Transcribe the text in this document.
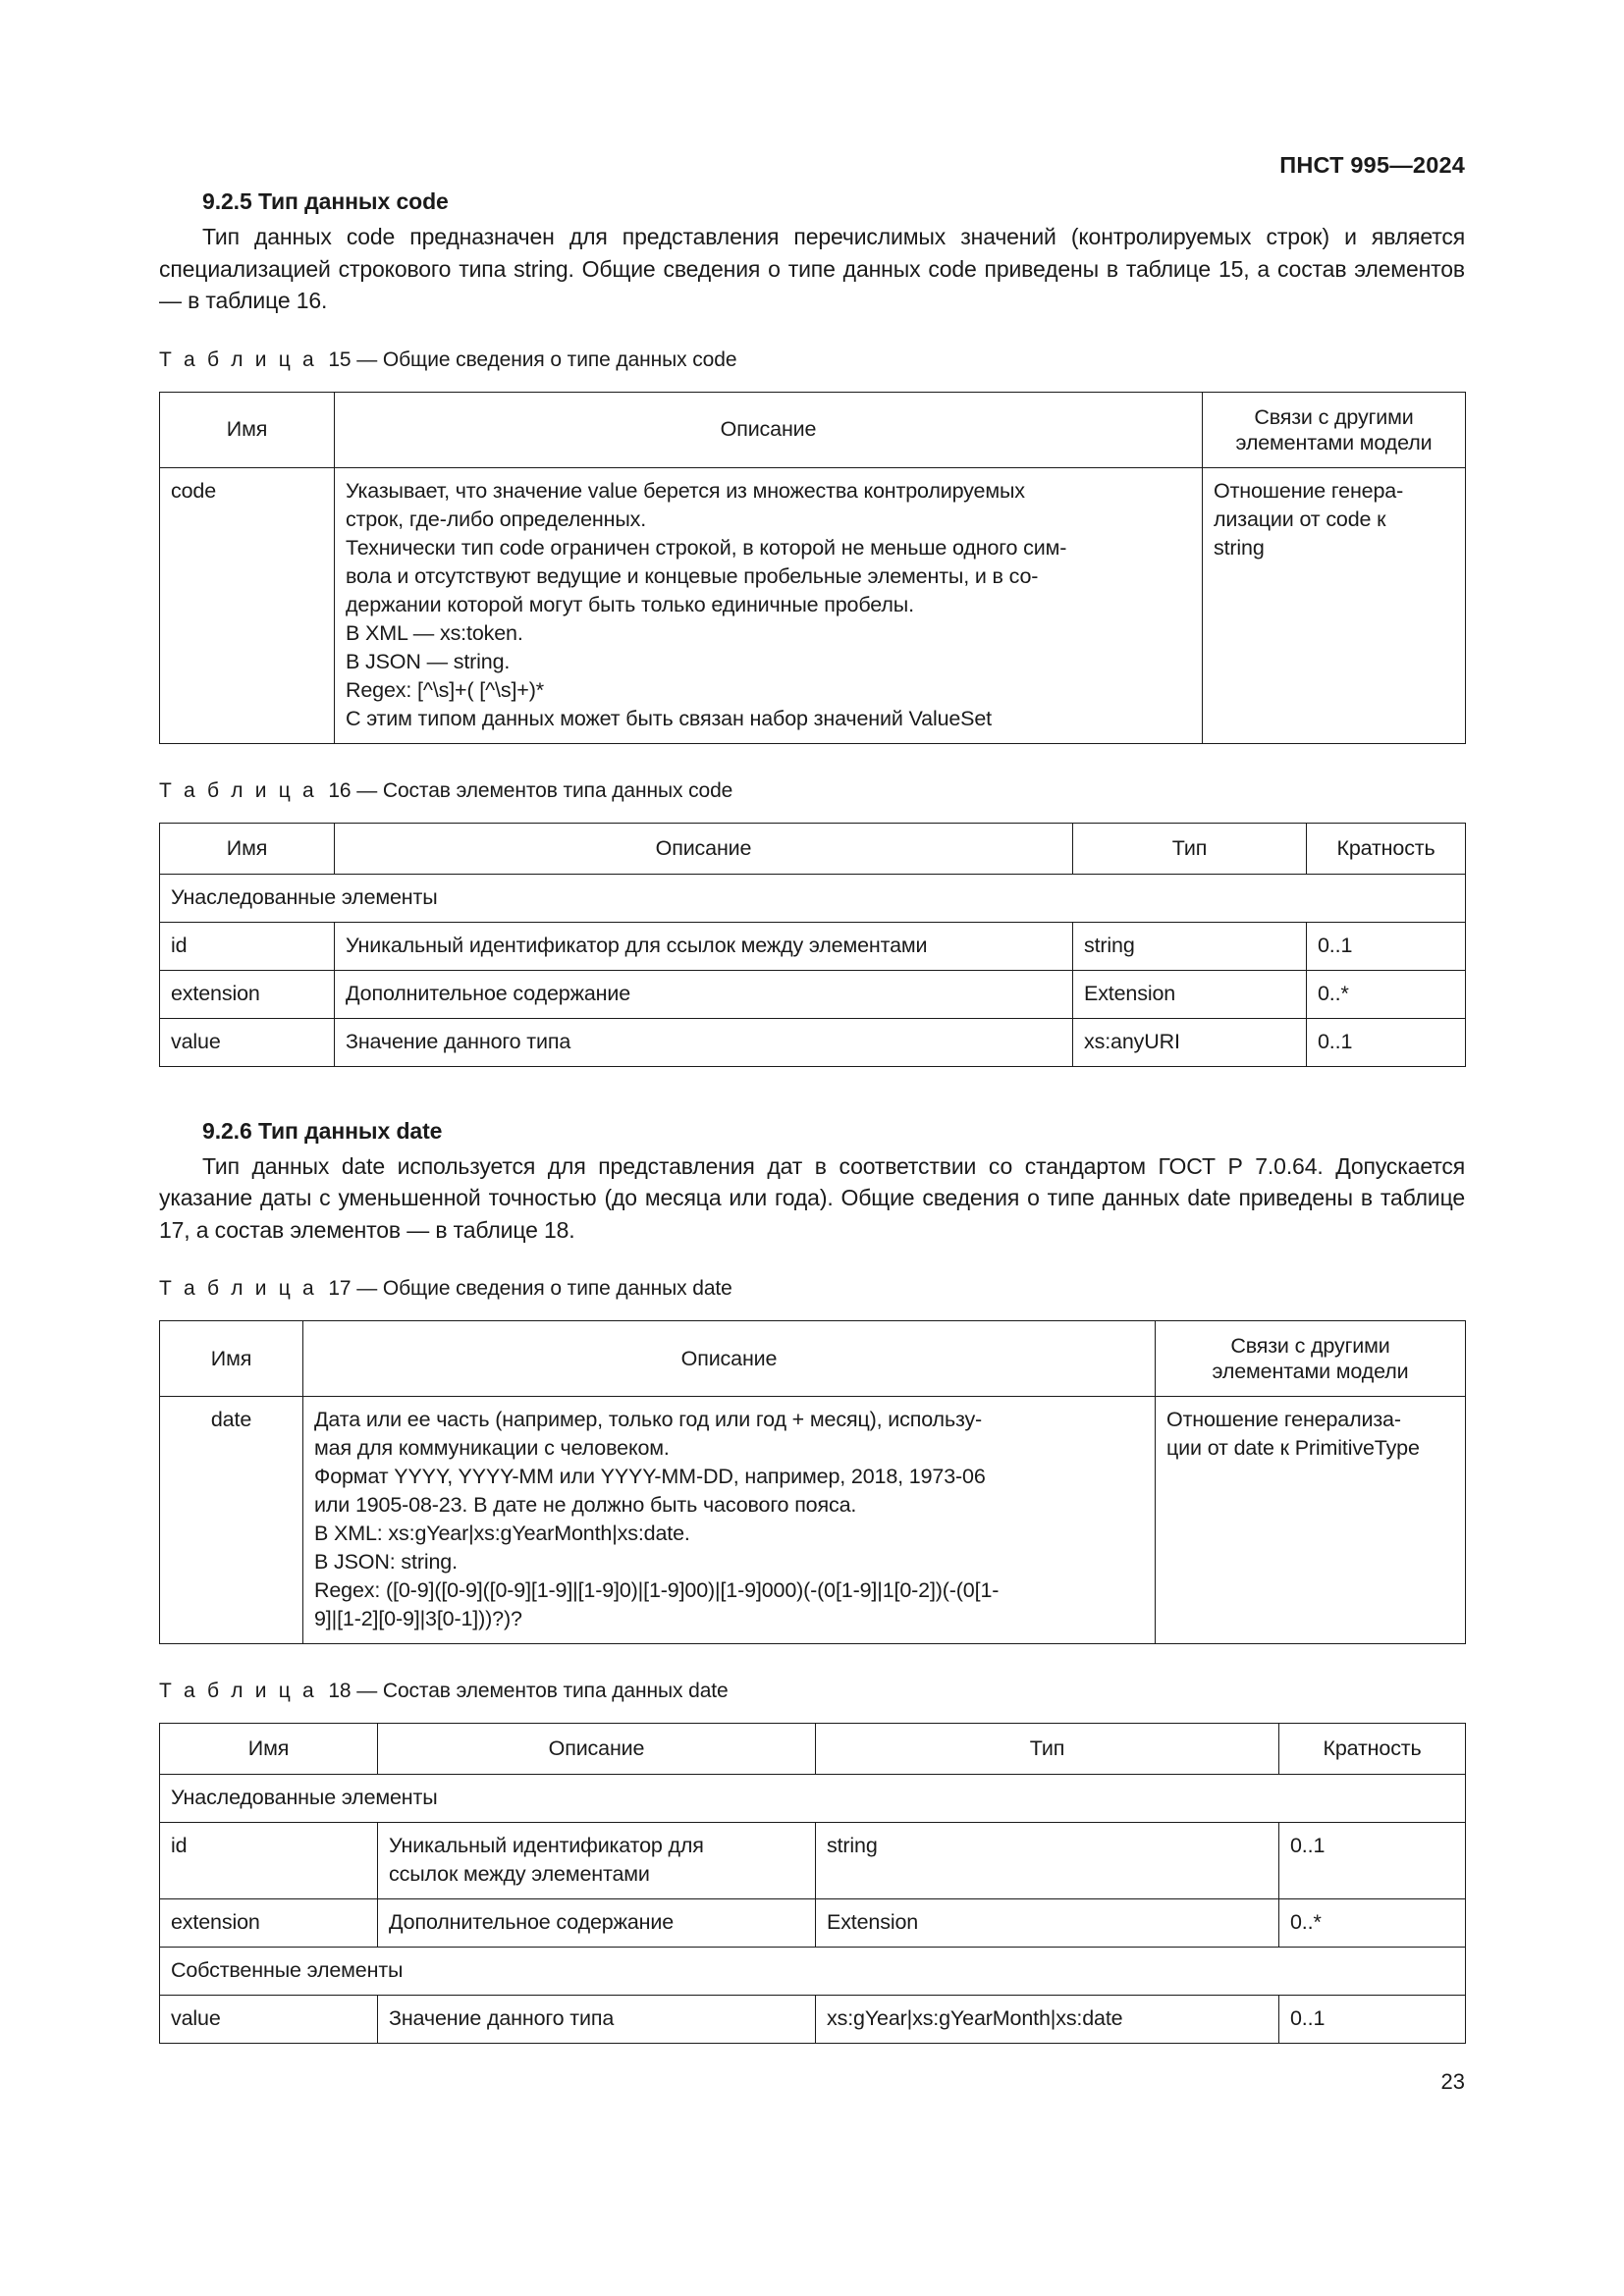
ПНСТ 995—2024
9.2.5 Тип данных code

Тип данных code предназначен для представления перечислимых значений (контролируемых строк) и является специализацией строкового типа string. Общие сведения о типе данных code приведены в таблице 15, а состав элементов — в таблице 16.

Т а б л и ц а 15 — Общие сведения о типе данных code

Имя	Описание	Связи с другими
элементами модели

code	Указывает, что значение value берется из множества контролируемых
строк, где-либо определенных.
Технически тип code ограничен строкой, в которой не меньше одного сим-
вола и отсутствуют ведущие и концевые пробельные элементы, и в со-
держании которой могут быть только единичные пробелы.
В XML — xs:token.
В JSON — string.
Regex: [^\s]+( [^\s]+)*
С этим типом данных может быть связан набор значений ValueSet

Отношение генера-
лизации от code к
string

Т а б л и ц а 16 — Состав элементов типа данных code

Имя	Описание	Тип	Кратность
Унаследованные элементы			
id	Уникальный идентификатор для ссылок между элементами	string	0..1
extension	Дополнительное содержание	Extension	0..*
value	Значение данного типа	xs:anyURI	0..1
9.2.6 Тип данных date

Тип данных date используется для представления дат в соответствии со стандартом ГОСТ Р 7.0.64. Допускается указание даты с уменьшенной точностью (до месяца или года). Общие сведения о типе данных date приведены в таблице 17, а состав элементов — в таблице 18.

Т а б л и ц а 17 — Общие сведения о типе данных date

Имя	Описание	Связи с другими
элементами модели

date	Дата или ее часть (например, только год или год + месяц), использу-
мая для коммуникации с человеком.
Формат YYYY, YYYY-MM или YYYY-MM-DD, например, 2018, 1973-06
или 1905-08-23. В дате не должно быть часового пояса.
В XML: xs:gYear|xs:gYearMonth|xs:date.
В JSON: string.
Regex: ([0-9]([0-9]([0-9][1-9]|[1-9]0)|[1-9]00)|[1-9]000)(-(0[1-9]|1[0-2])(-(0[1-
9]|[1-2][0-9]|3[0-1]))?)?

Отношение генерализа-
ции от date к PrimitiveType

Т а б л и ц а 18 — Состав элементов типа данных date

Имя	Описание	Тип	Кратность
Унаследованные элементы			
id	Уникальный идентификатор для
ссылок между элементами	string	0..1
extension	Дополнительное содержание	Extension	0..*
Собственные элементы			
value	Значение данного типа	xs:gYear|xs:gYearMonth|xs:date	0..1
23
